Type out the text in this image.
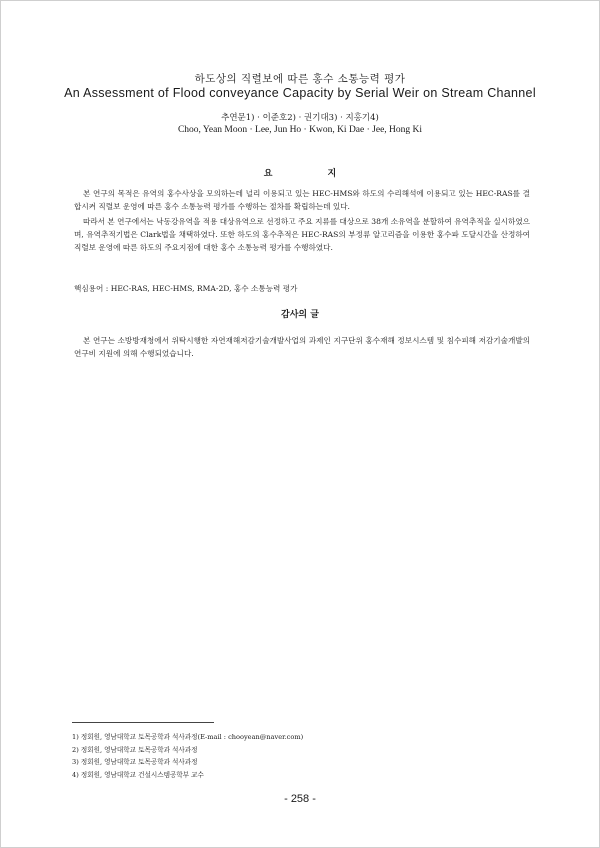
하도상의 직렬보에 따른 홍수 소통능력 평가
An Assessment of Flood conveyance Capacity by Serial Weir on Stream Channel
추연문1) · 이준호2) · 권기대3) · 지홍기4)
Choo, Yean Moon · Lee, Jun Ho · Kwon, Ki Dae · Jee, Hong Ki
요 지
본 연구의 목적은 유역의 홍수사상을 모의하는데 널리 이용되고 있는 HEC-HMS와 하도의 수리해석에 이용되고 있는 HEC-RAS를 결합시켜 직렬보 운영에 따른 홍수 소통능력 평가를 수행하는 절차를 확립하는데 있다.
따라서 본 연구에서는 낙동강유역을 적용 대상유역으로 선정하고 주요 지류를 대상으로 38개 소유역을 분할하여 유역추적을 실시하였으며, 유역추적기법은 Clark법을 채택하였다. 또한 하도의 홍수추적은 HEC-RAS의 부정류 알고리즘을 이용한 홍수파 도달시간을 산정하여 직렬보 운영에 따른 하도의 주요지점에 대한 홍수 소통능력 평가를 수행하였다.
핵심용어 : HEC-RAS, HEC-HMS, RMA-2D, 홍수 소통능력 평가
감사의 글
본 연구는 소방방재청에서 위탁시행한 자연재해저감기술개발사업의 과제인 지구단위 홍수재해 정보시스템 및 침수피해 저감기술개발의 연구비 지원에 의해 수행되었습니다.
1) 정회원, 영남대학교 토목공학과 석사과정(E-mail : chooyean@naver.com)
2) 정회원, 영남대학교 토목공학과 석사과정
3) 정회원, 영남대학교 토목공학과 석사과정
4) 정회원, 영남대학교 건설시스템공학부 교수
- 258 -
